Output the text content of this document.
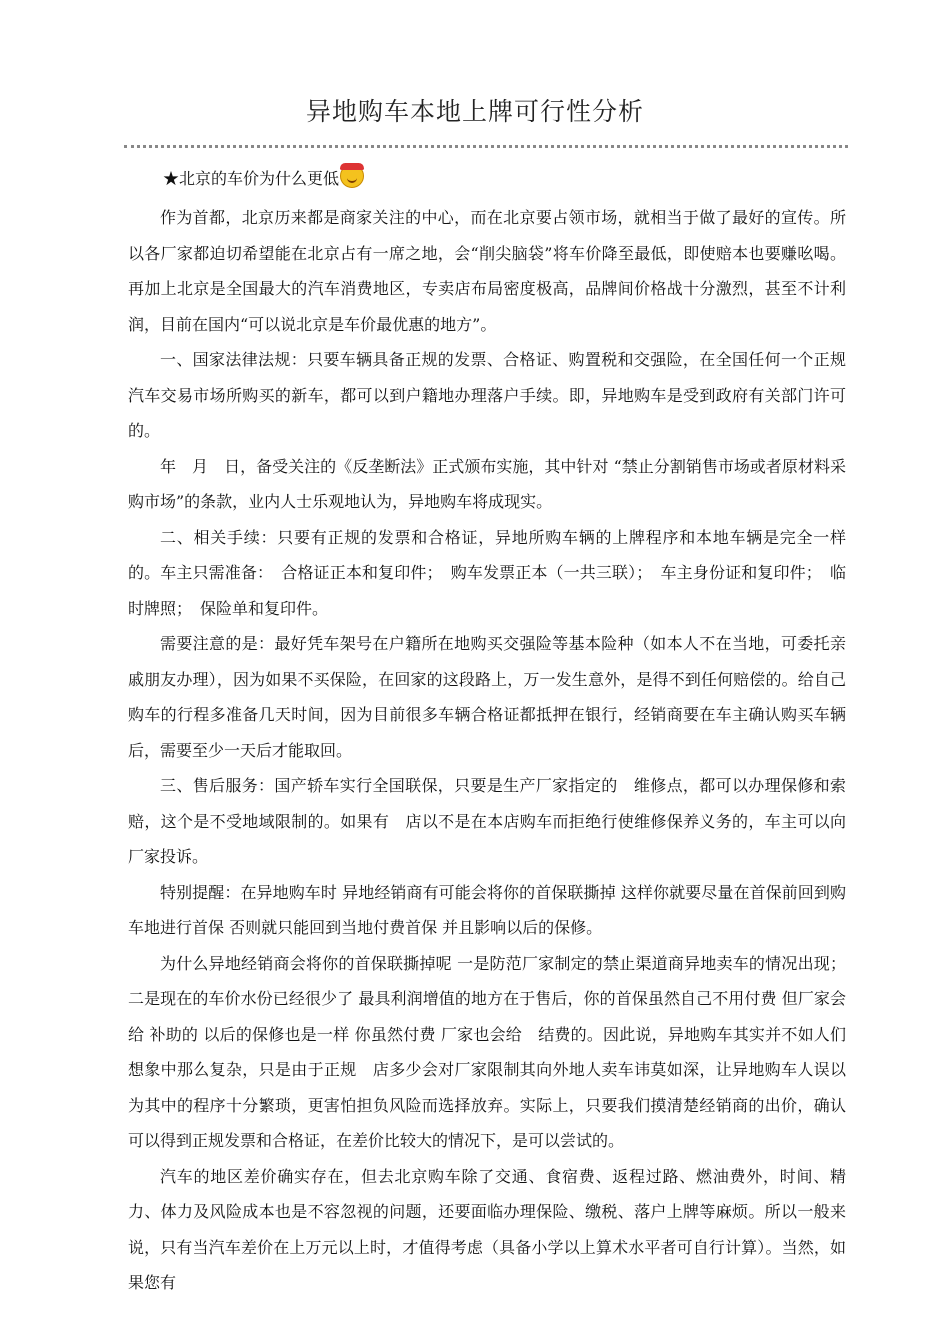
异地购车本地上牌可行性分析
★北京的车价为什么更低

作为首都，北京历来都是商家关注的中心，而在北京要占领市场，就相当于做了最好的宣传。所以各厂家都迫切希望能在北京占有一席之地，会“削尖脑袋”将车价降至最低，即使赔本也要赚吆喝。再加上北京是全国最大的汽车消费地区，专卖店布局密度极高，品牌间价格战十分激烈，甚至不计利润，目前在国内“可以说北京是车价最优惠的地方”。

一、国家法律法规：只要车辆具备正规的发票、合格证、购置税和交强险，在全国任何一个正规汽车交易市场所购买的新车，都可以到户籍地办理落户手续。即，异地购车是受到政府有关部门许可的。

年　月　日，备受关注的《反垄断法》正式颁布实施，其中针对 “禁止分割销售市场或者原材料采购市场”的条款，业内人士乐观地认为，异地购车将成现实。

二、相关手续：只要有正规的发票和合格证，异地所购车辆的上牌程序和本地车辆是完全一样的。车主只需准备：　合格证正本和复印件；　购车发票正本（一共三联）；　车主身份证和复印件；　临时牌照；　保险单和复印件。

需要注意的是：最好凭车架号在户籍所在地购买交强险等基本险种（如本人不在当地，可委托亲戚朋友办理），因为如果不买保险，在回家的这段路上，万一发生意外，是得不到任何赔偿的。给自己购车的行程多准备几天时间，因为目前很多车辆合格证都抵押在银行，经销商要在车主确认购买车辆后，需要至少一天后才能取回。

三、售后服务：国产轿车实行全国联保，只要是生产厂家指定的　维修点，都可以办理保修和索赔，这个是不受地域限制的。如果有　店以不是在本店购车而拒绝行使维修保养义务的，车主可以向厂家投诉。

特别提醒：在异地购车时 异地经销商有可能会将你的首保联撕掉 这样你就要尽量在首保前回到购车地进行首保 否则就只能回到当地付费首保 并且影响以后的保修。

为什么异地经销商会将你的首保联撕掉呢 一是防范厂家制定的禁止渠道商异地卖车的情况出现；二是现在的车价水份已经很少了 最具利润增值的地方在于售后，你的首保虽然自己不用付费 但厂家会给 补助的 以后的保修也是一样 你虽然付费 厂家也会给　结费的。因此说，异地购车其实并不如人们想象中那么复杂，只是由于正规　店多少会对厂家限制其向外地人卖车讳莫如深，让异地购车人误以为其中的程序十分繁琐，更害怕担负风险而选择放弃。实际上，只要我们摸清楚经销商的出价，确认可以得到正规发票和合格证，在差价比较大的情况下，是可以尝试的。

汽车的地区差价确实存在，但去北京购车除了交通、食宿费、返程过路、燃油费外，时间、精力、体力及风险成本也是不容忽视的问题，还要面临办理保险、缴税、落户上牌等麻烦。所以一般来说，只有当汽车差价在上万元以上时，才值得考虑（具备小学以上算术水平者可自行计算）。当然，如果您有
